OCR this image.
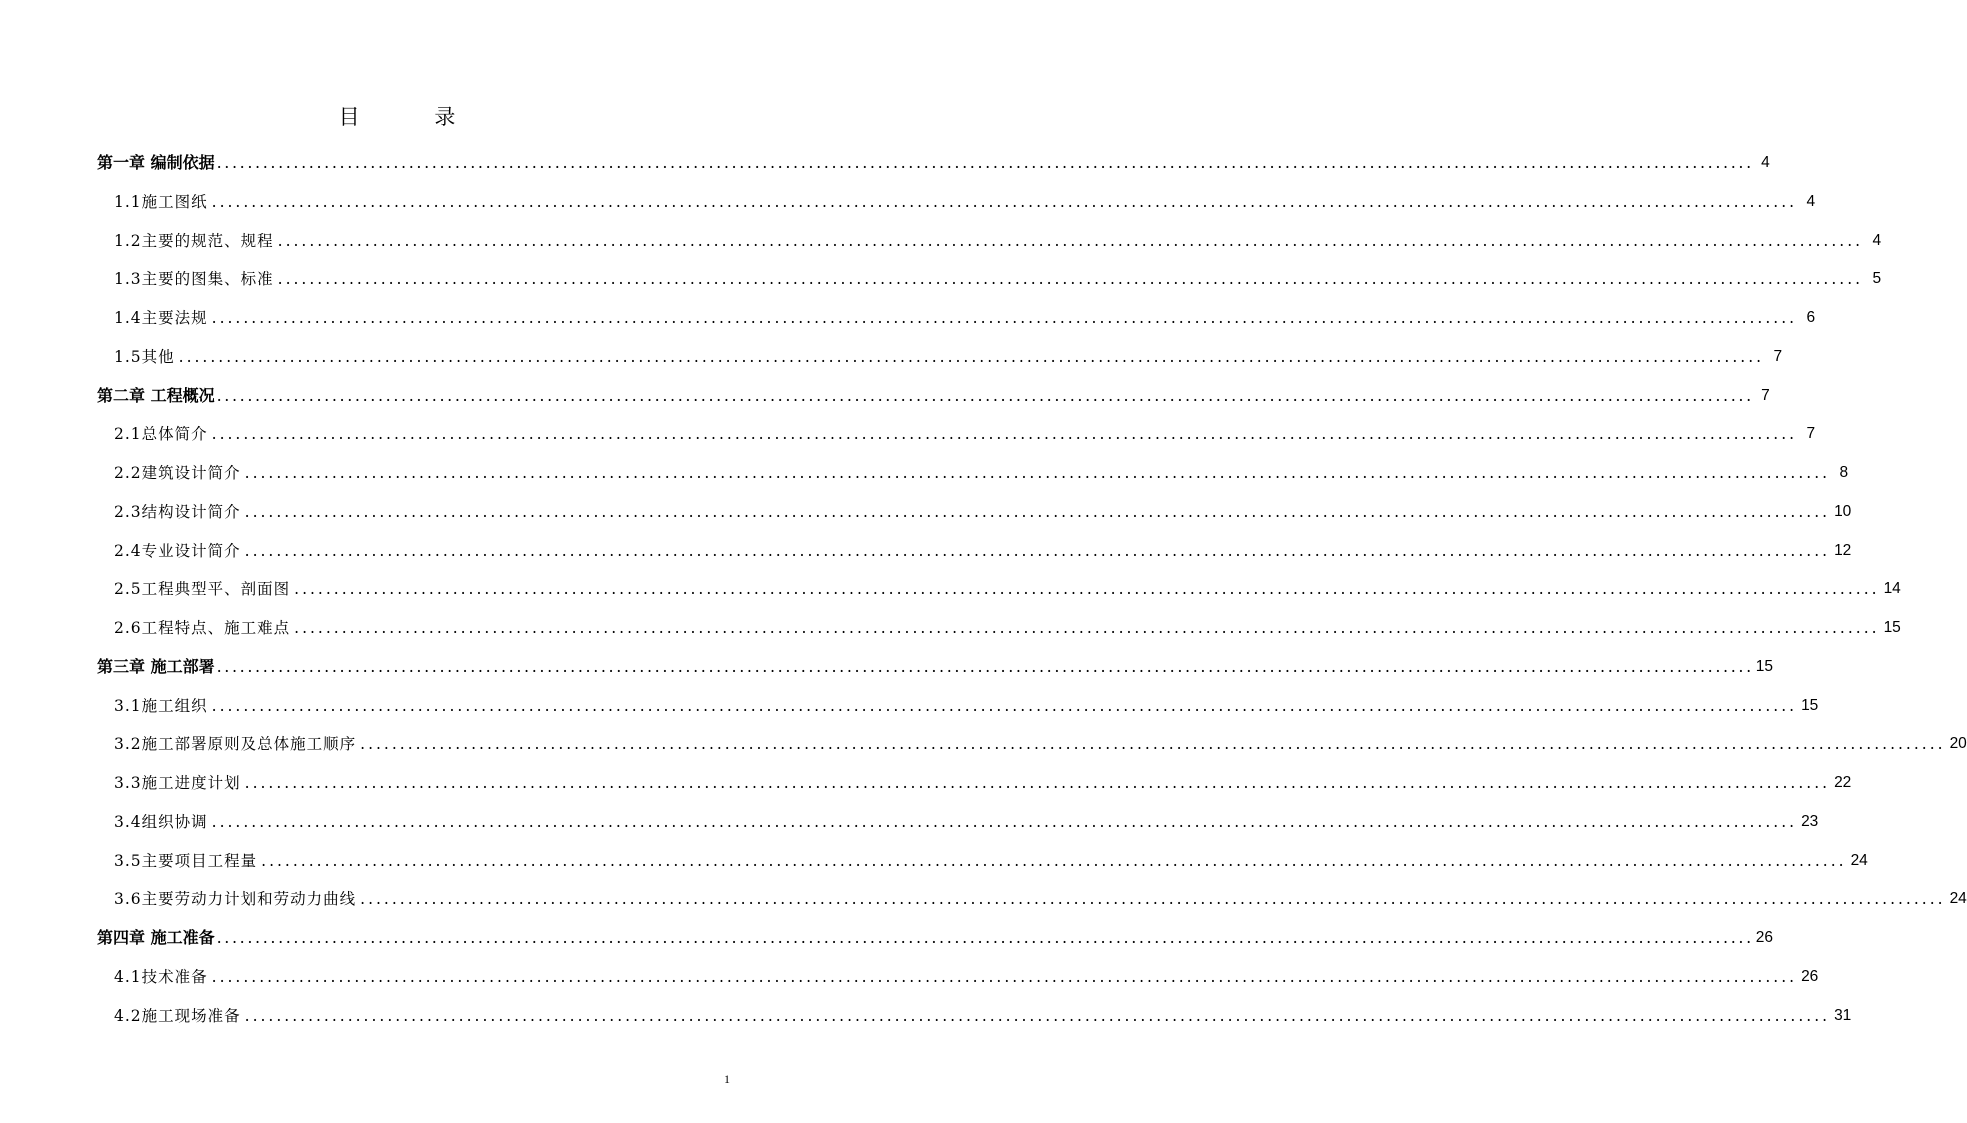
目 录
第一章 编制依据 ........................................................................................................................................................................................................ 4
1.1施工图纸 ........................................................................................................................................................................................................ 4
1.2主要的规范、规程 ........................................................................................................................................................................................................ 4
1.3主要的图集、标准 ........................................................................................................................................................................................................ 5
1.4主要法规 ........................................................................................................................................................................................................ 6
1.5其他 ........................................................................................................................................................................................................ 7
第二章 工程概况 ........................................................................................................................................................................................................ 7
2.1总体简介 ........................................................................................................................................................................................................ 7
2.2建筑设计简介 ........................................................................................................................................................................................................ 8
2.3结构设计简介 ........................................................................................................................................................................................................ 10
2.4专业设计简介 ........................................................................................................................................................................................................ 12
2.5工程典型平、剖面图 ........................................................................................................................................................................................................ 14
2.6工程特点、施工难点 ........................................................................................................................................................................................................ 15
第三章 施工部署 ........................................................................................................................................................................................................ 15
3.1施工组织 ........................................................................................................................................................................................................ 15
3.2施工部署原则及总体施工顺序 ........................................................................................................................................................................................................ 20
3.3施工进度计划 ........................................................................................................................................................................................................ 22
3.4组织协调 ........................................................................................................................................................................................................ 23
3.5主要项目工程量 ........................................................................................................................................................................................................ 24
3.6主要劳动力计划和劳动力曲线 ........................................................................................................................................................................................................ 24
第四章 施工准备 ........................................................................................................................................................................................................ 26
4.1技术准备 ........................................................................................................................................................................................................ 26
4.2施工现场准备 ........................................................................................................................................................................................................ 31
1
